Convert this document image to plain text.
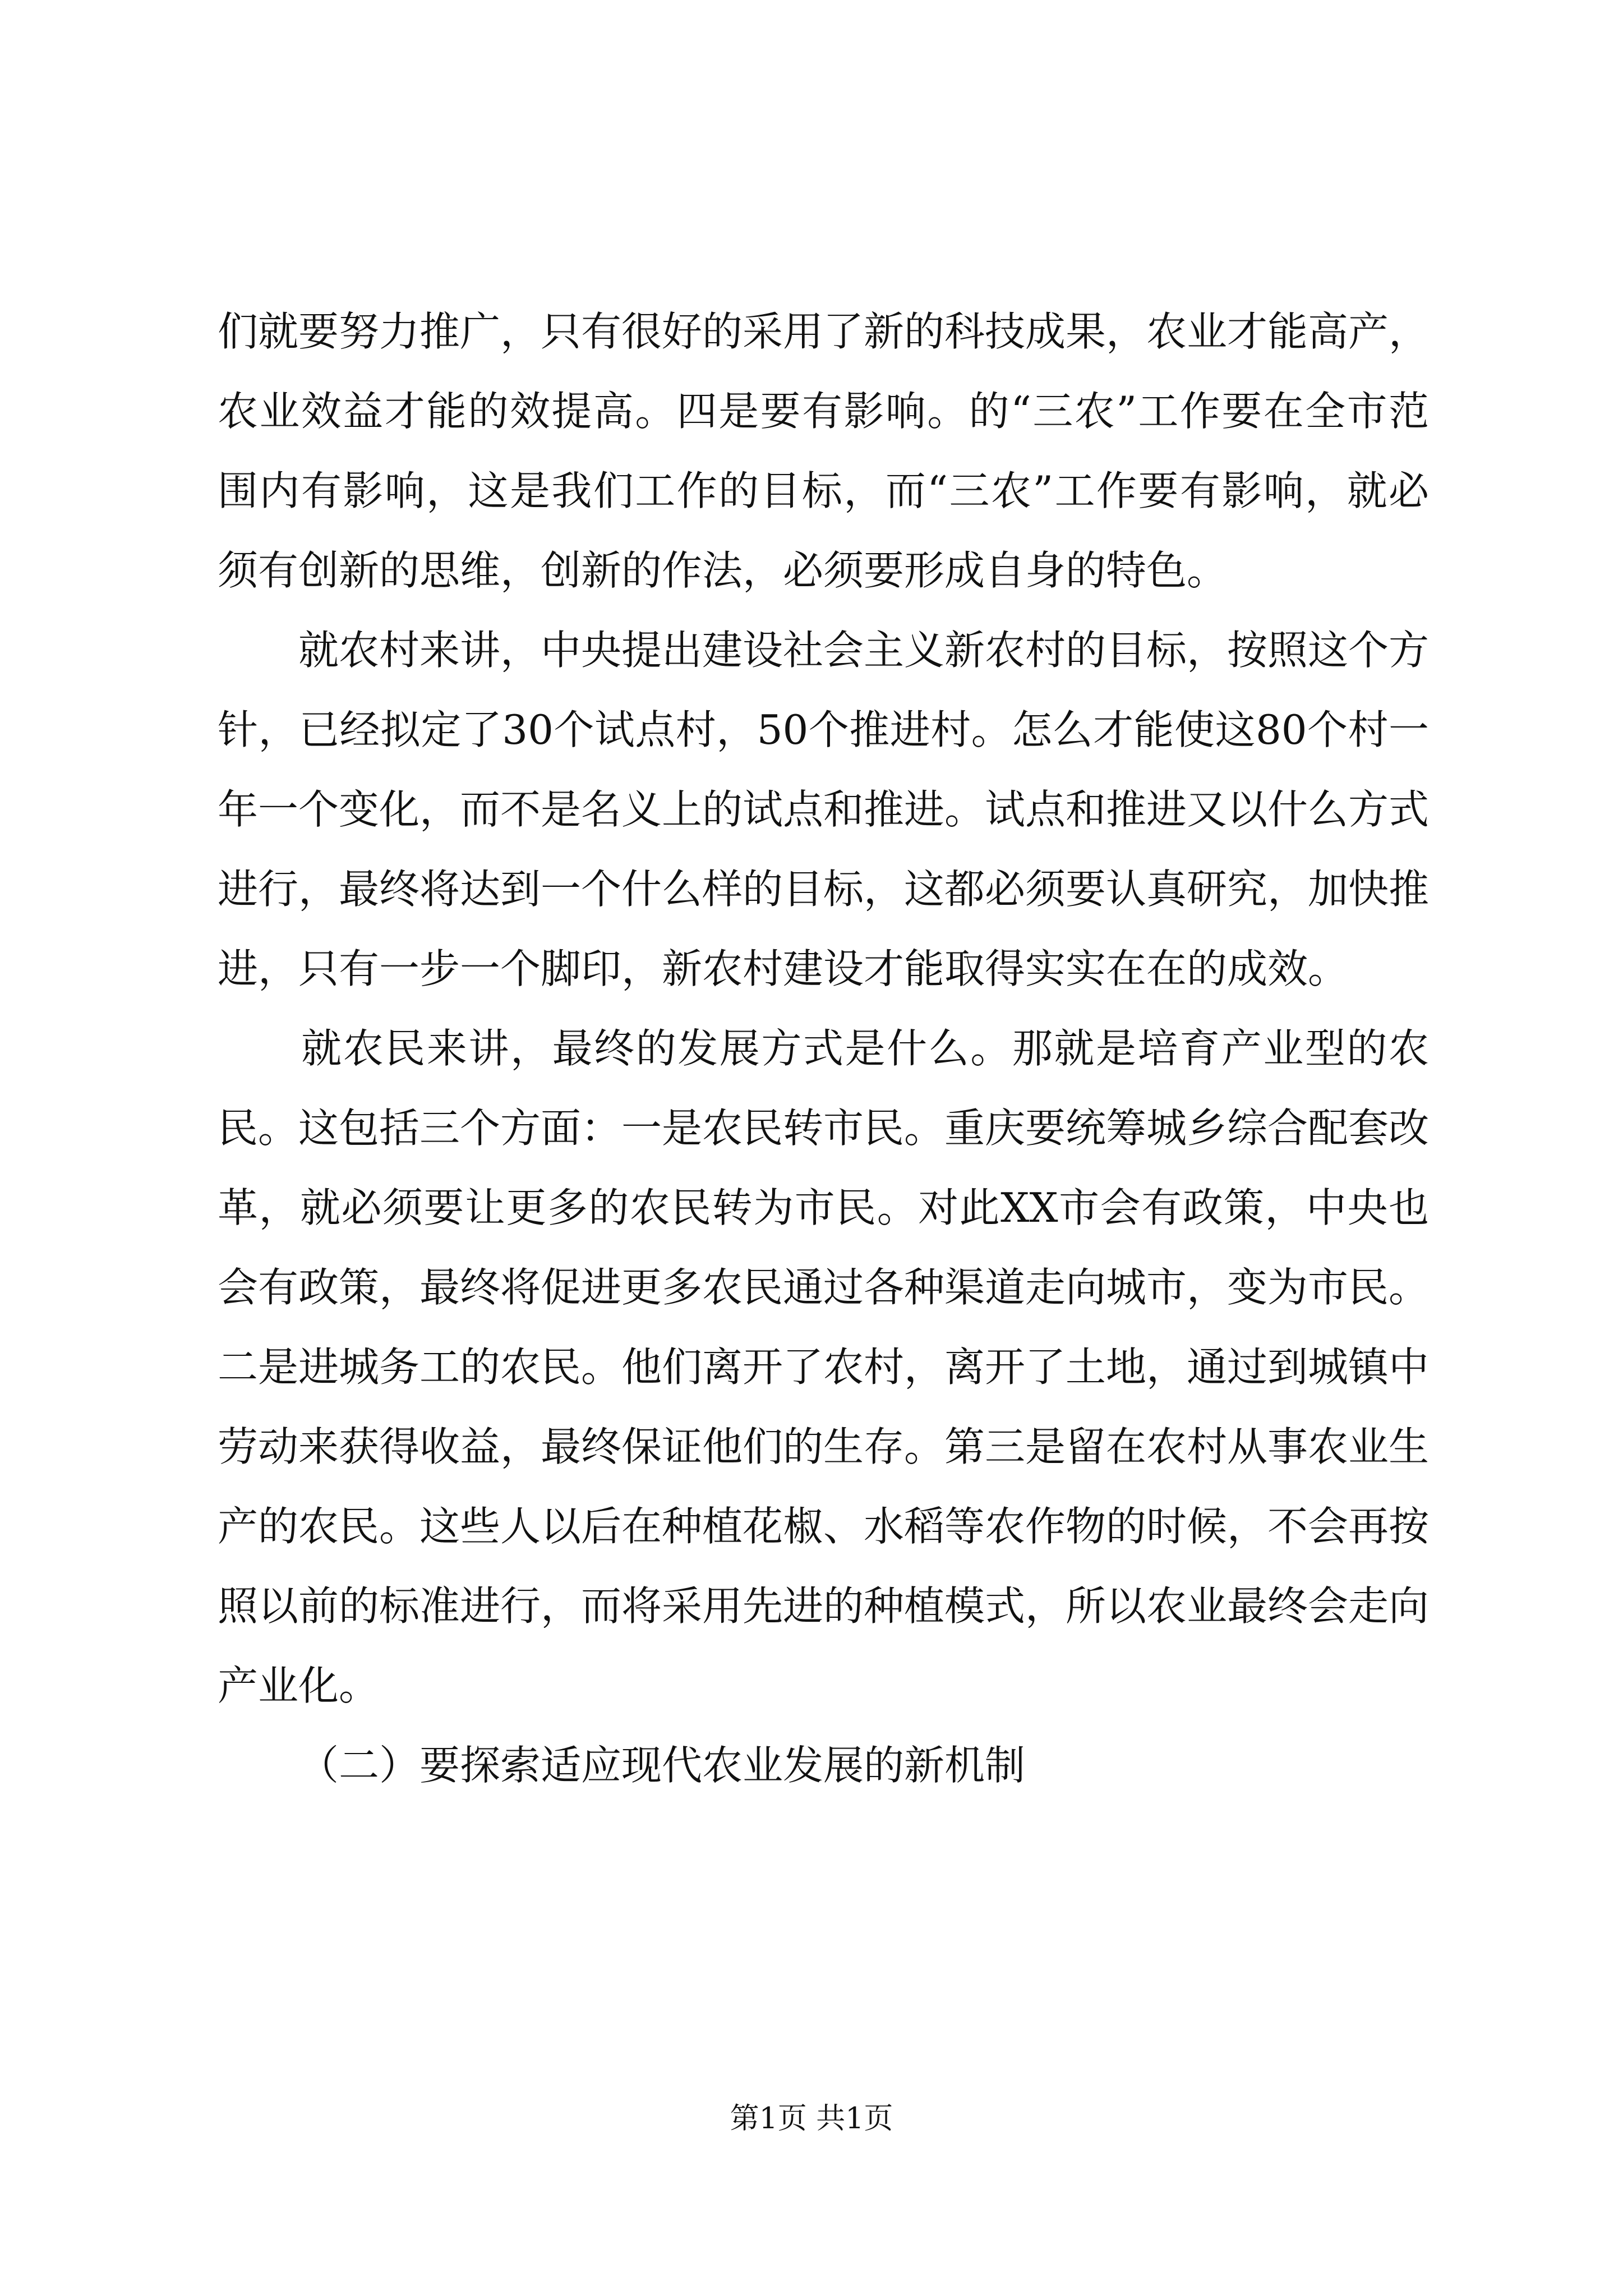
们就要努力推广，只有很好的采用了新的科技成果，农业才能高产，农业效益才能的效提高。四是要有影响。的“三农”工作要在全市范围内有影响，这是我们工作的目标，而“三农”工作要有影响，就必须有创新的思维，创新的作法，必须要形成自身的特色。

　　就农村来讲，中央提出建设社会主义新农村的目标，按照这个方针，已经拟定了30个试点村，50个推进村。怎么才能使这80个村一年一个变化，而不是名义上的试点和推进。试点和推进又以什么方式进行，最终将达到一个什么样的目标，这都必须要认真研究，加快推进，只有一步一个脚印，新农村建设才能取得实实在在的成效。

　　就农民来讲，最终的发展方式是什么。那就是培育产业型的农民。这包括三个方面：一是农民转市民。重庆要统筹城乡综合配套改革，就必须要让更多的农民转为市民。对此XX市会有政策，中央也会有政策，最终将促进更多农民通过各种渠道走向城市，变为市民。二是进城务工的农民。他们离开了农村，离开了土地，通过到城镇中劳动来获得收益，最终保证他们的生存。第三是留在农村从事农业生产的农民。这些人以后在种植花椒、水稻等农作物的时候，不会再按照以前的标准进行，而将采用先进的种植模式，所以农业最终会走向产业化。

（二）要探索适应现代农业发展的新机制

第1页 共1页
